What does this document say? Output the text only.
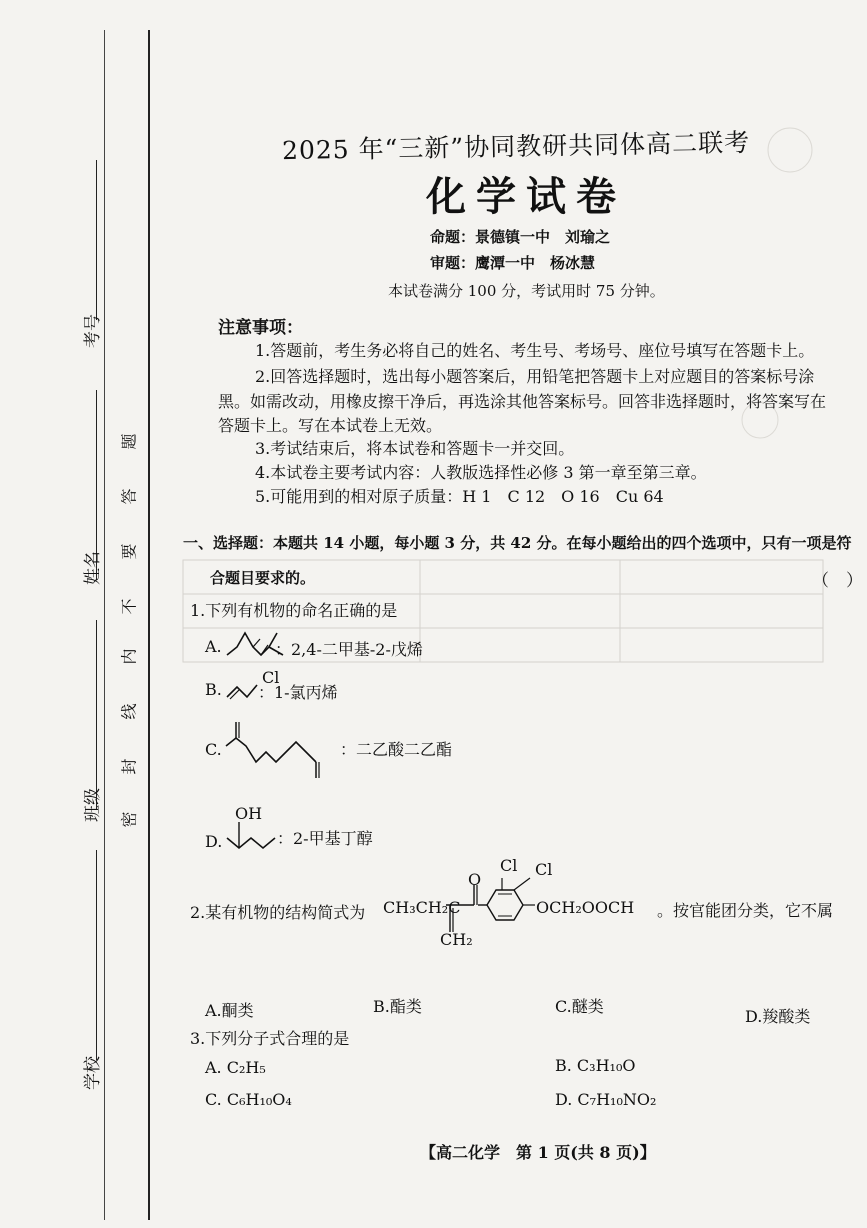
考号
姓名
班级
学校
题
答
要
不
内
线
封
密
2025 年“三新”协同教研共同体高二联考
化学试卷
命题：景德镇一中　刘瑜之
审题：鹰潭一中　杨冰慧
本试卷满分 100 分，考试用时 75 分钟。
注意事项：
1.答题前，考生务必将自己的姓名、考生号、考场号、座位号填写在答题卡上。
2.回答选择题时，选出每小题答案后，用铅笔把答题卡上对应题目的答案标号涂
黑。如需改动，用橡皮擦干净后，再选涂其他答案标号。回答非选择题时，将答案写在
答题卡上。写在本试卷上无效。
3.考试结束后，将本试卷和答题卡一并交回。
4.本试卷主要考试内容：人教版选择性必修 3 第一章至第三章。
5.可能用到的相对原子质量：H 1　C 12　O 16　Cu 64
一、选择题：本题共 14 小题，每小题 3 分，共 42 分。在每小题给出的四个选项中，只有一项是符
合题目要求的。	（　）
1.下列有机物的命名正确的是
A.	：2,4-二甲基-2-戊烯
B.
Cl
：1-氯丙烯
C.	：二乙酸二乙酯
D.
OH
：2-甲基丁醇
2.某有机物的结构简式为 CH₃CH₂C
O
Cl Cl
OCH₂OOCH
CH₂
。按官能团分类，它不属
A.酮类	B.酯类	C.醚类
D.羧酸类
3.下列分子式合理的是
A. C₂H₅	B. C₃H₁₀O
C. C₆H₁₀O₄	D. C₇H₁₀NO₂
【高二化学　第 1 页(共 8 页)】
